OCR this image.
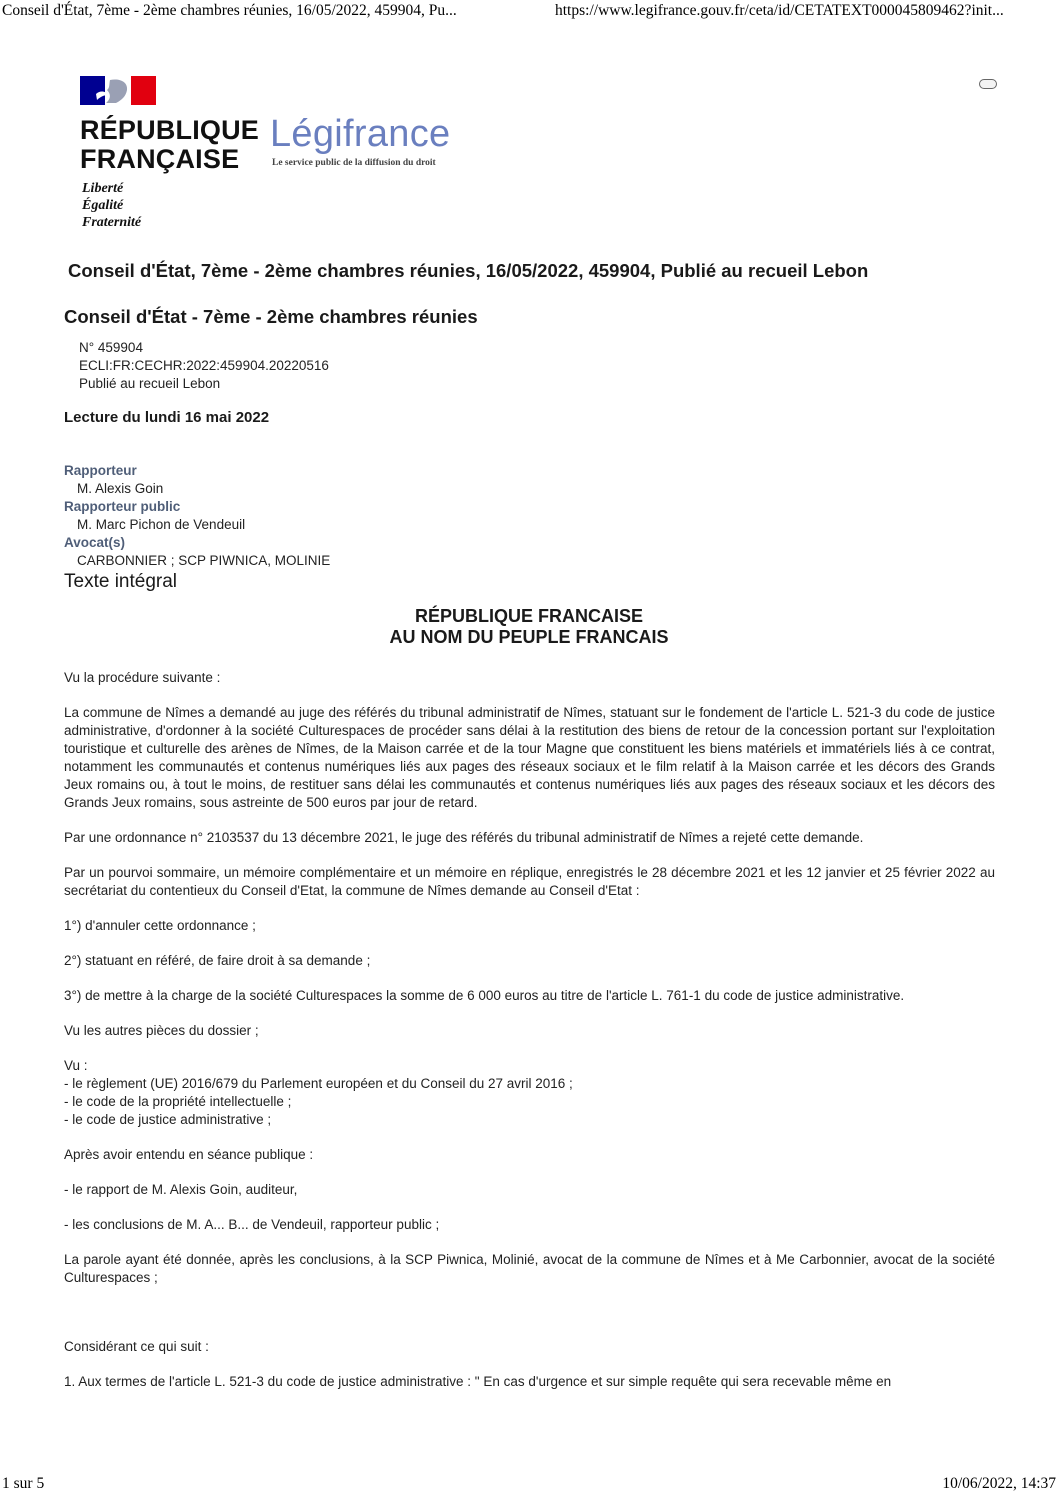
Conseil d'État, 7ème - 2ème chambres réunies, 16/05/2022, 459904, Pu...	https://www.legifrance.gouv.fr/ceta/id/CETATEXT000045809462?init...
RÉPUBLIQUE
FRANÇAISE
Liberté
Égalité
Fraternité
Légifrance
Le service public de la diffusion du droit
Conseil d'État, 7ème - 2ème chambres réunies, 16/05/2022, 459904, Publié au recueil Lebon
Conseil d'État - 7ème - 2ème chambres réunies
N° 459904
ECLI:FR:CECHR:2022:459904.20220516
Publié au recueil Lebon
Lecture du lundi 16 mai 2022
Rapporteur
M. Alexis Goin
Rapporteur public
M. Marc Pichon de Vendeuil
Avocat(s)
CARBONNIER ; SCP PIWNICA, MOLINIE
Texte intégral
RÉPUBLIQUE FRANCAISE
AU NOM DU PEUPLE FRANCAIS

Vu la procédure suivante :

La commune de Nîmes a demandé au juge des référés du tribunal administratif de Nîmes, statuant sur le fondement de l'article L. 521-3 du code de justice administrative, d'ordonner à la société Culturespaces de procéder sans délai à la restitution des biens de retour de la concession portant sur l'exploitation touristique et culturelle des arènes de Nîmes, de la Maison carrée et de la tour Magne que constituent les biens matériels et immatériels liés à ce contrat, notamment les communautés et contenus numériques liés aux pages des réseaux sociaux et le film relatif à la Maison carrée et les décors des Grands Jeux romains ou, à tout le moins, de restituer sans délai les communautés et contenus numériques liés aux pages des réseaux sociaux et les décors des Grands Jeux romains, sous astreinte de 500 euros par jour de retard.

Par une ordonnance n° 2103537 du 13 décembre 2021, le juge des référés du tribunal administratif de Nîmes a rejeté cette demande.

Par un pourvoi sommaire, un mémoire complémentaire et un mémoire en réplique, enregistrés le 28 décembre 2021 et les 12 janvier et 25 février 2022 au secrétariat du contentieux du Conseil d'Etat, la commune de Nîmes demande au Conseil d'Etat :

1°) d'annuler cette ordonnance ;

2°) statuant en référé, de faire droit à sa demande ;

3°) de mettre à la charge de la société Culturespaces la somme de 6 000 euros au titre de l'article L. 761-1 du code de justice administrative.

Vu les autres pièces du dossier ;

Vu :

- le règlement (UE) 2016/679 du Parlement européen et du Conseil du 27 avril 2016 ;

- le code de la propriété intellectuelle ;

- le code de justice administrative ;

Après avoir entendu en séance publique :

- le rapport de M. Alexis Goin, auditeur,

- les conclusions de M. A... B... de Vendeuil, rapporteur public ;

La parole ayant été donnée, après les conclusions, à la SCP Piwnica, Molinié, avocat de la commune de Nîmes et à Me Carbonnier, avocat de la société Culturespaces ;

Considérant ce qui suit :

1. Aux termes de l'article L. 521-3 du code de justice administrative : " En cas d'urgence et sur simple requête qui sera recevable même en

1 sur 5	10/06/2022, 14:37
